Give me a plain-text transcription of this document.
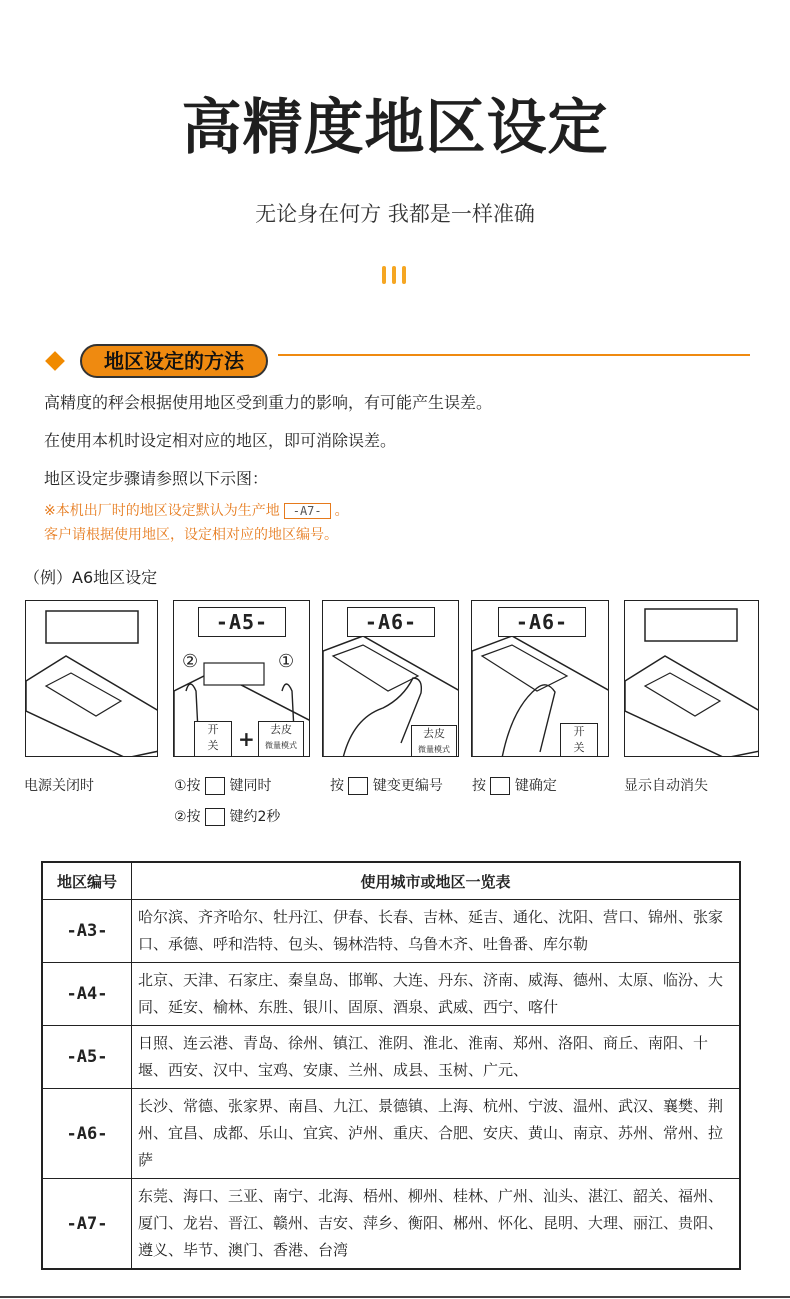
高精度地区设定
无论身在何方 我都是一样准确
地区设定的方法
高精度的秤会根据使用地区受到重力的影响，有可能产生误差。
在使用本机时设定相对应的地区，即可消除误差。
地区设定步骤请参照以下示图：
※本机出厂时的地区设定默认为生产地 -A7- 。
客户请根据使用地区，设定相对应的地区编号。
（例）A6地区设定
-A5-
②	①
开
关 +	去皮
微量模式
-A6-
去皮
微量模式
-A6-
开
关
电源关闭时	①按 键同时
②按 键约2秒
按 键变更编号 按 键确定	显示自动消失
地区编号	使用城市或地区一览表
-A3-	哈尔滨、齐齐哈尔、牡丹江、伊春、长春、吉林、延吉、通化、沈阳、营口、锦州、张家口、承德、呼和浩特、包头、锡林浩特、乌鲁木齐、吐鲁番、库尔勒
-A4-	北京、天津、石家庄、秦皇岛、邯郸、大连、丹东、济南、威海、德州、太原、临汾、大同、延安、榆林、东胜、银川、固原、酒泉、武威、西宁、喀什
-A5-	日照、连云港、青岛、徐州、镇江、淮阴、淮北、淮南、郑州、洛阳、商丘、南阳、十堰、西安、汉中、宝鸡、安康、兰州、成县、玉树、广元、
-A6-	长沙、常德、张家界、南昌、九江、景德镇、上海、杭州、宁波、温州、武汉、襄樊、荆州、宜昌、成都、乐山、宜宾、泸州、重庆、合肥、安庆、黄山、南京、苏州、常州、拉萨
-A7-	东莞、海口、三亚、南宁、北海、梧州、柳州、桂林、广州、汕头、湛江、韶关、福州、厦门、龙岩、晋江、赣州、吉安、萍乡、衡阳、郴州、怀化、昆明、大理、丽江、贵阳、遵义、毕节、澳门、香港、台湾
